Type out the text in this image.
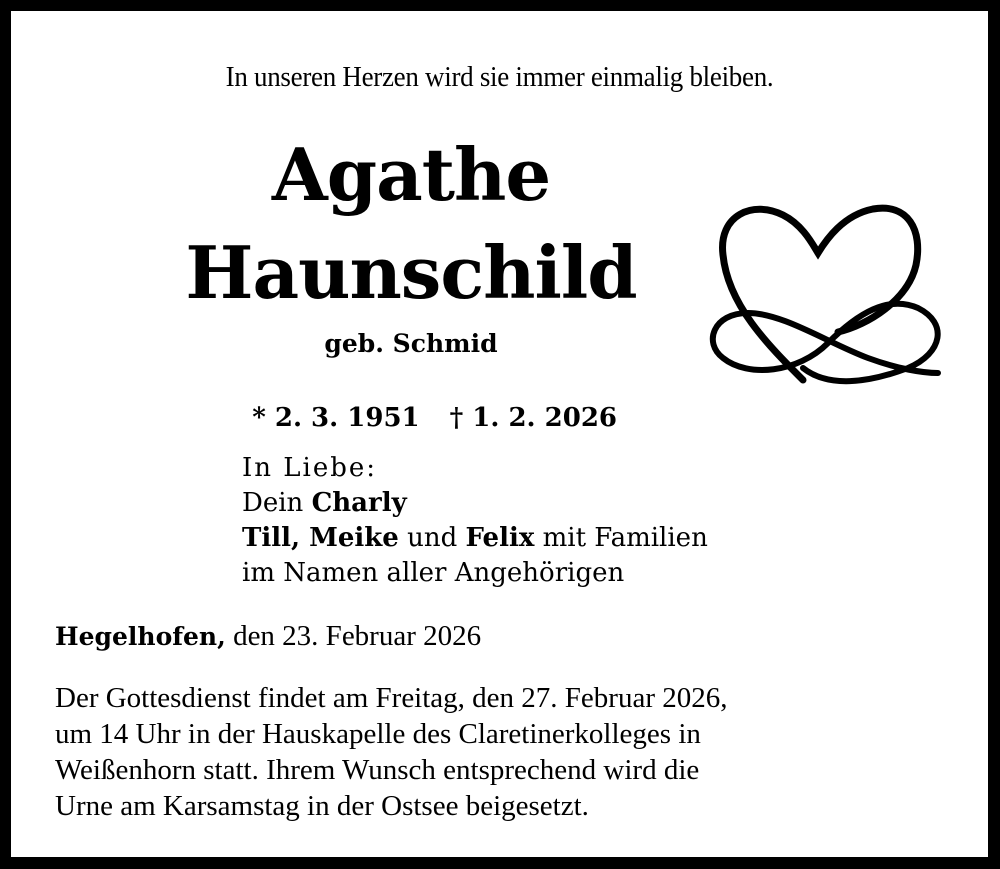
In unseren Herzen wird sie immer einmalig bleiben.
Agathe
Haunschild
geb. Schmid

* 2. 3. 1951 † 1. 2. 2026

In Liebe:
Dein Charly
Till, Meike und Felix mit Familien
im Namen aller Angehörigen
Hegelhofen, den 23. Februar 2026
Der Gottesdienst findet am Freitag, den 27. Februar 2026,
um 14 Uhr in der Hauskapelle des Claretinerkolleges in
Weißenhorn statt. Ihrem Wunsch entsprechend wird die
Urne am Karsamstag in der Ostsee beigesetzt.
